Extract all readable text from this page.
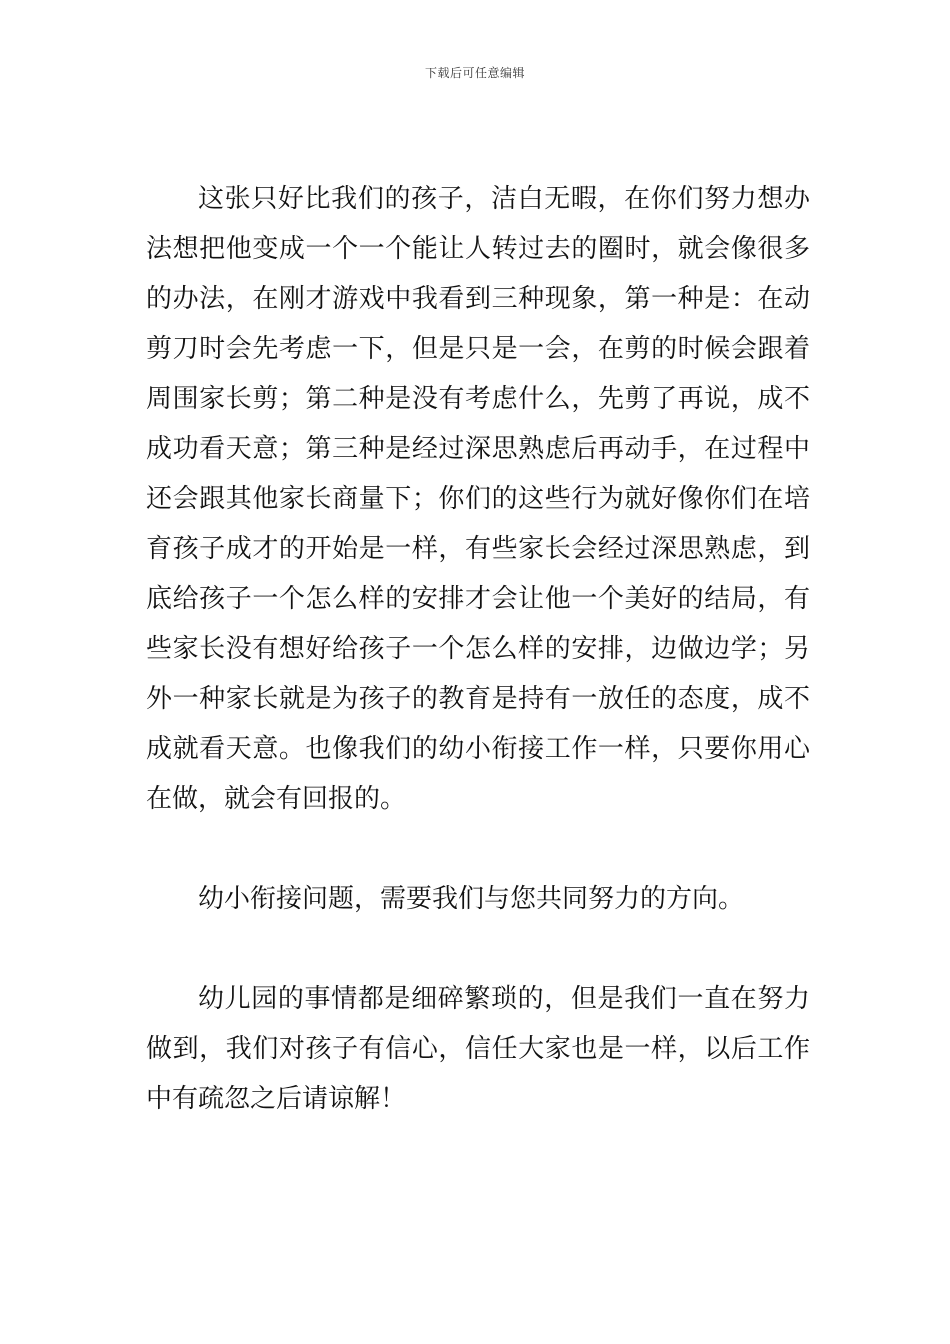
下载后可任意编辑

这张只好比我们的孩子，洁白无暇，在你们努力想办法想把他变成一个一个能让人转过去的圈时，就会像很多的办法，在刚才游戏中我看到三种现象，第一种是：在动剪刀时会先考虑一下，但是只是一会，在剪的时候会跟着周围家长剪；第二种是没有考虑什么，先剪了再说，成不成功看天意；第三种是经过深思熟虑后再动手，在过程中还会跟其他家长商量下；你们的这些行为就好像你们在培育孩子成才的开始是一样，有些家长会经过深思熟虑，到底给孩子一个怎么样的安排才会让他一个美好的结局，有些家长没有想好给孩子一个怎么样的安排，边做边学；另外一种家长就是为孩子的教育是持有一放任的态度，成不成就看天意。也像我们的幼小衔接工作一样，只要你用心在做，就会有回报的。

幼小衔接问题，需要我们与您共同努力的方向。

幼儿园的事情都是细碎繁琐的，但是我们一直在努力做到，我们对孩子有信心，信任大家也是一样，以后工作中有疏忽之后请谅解！
